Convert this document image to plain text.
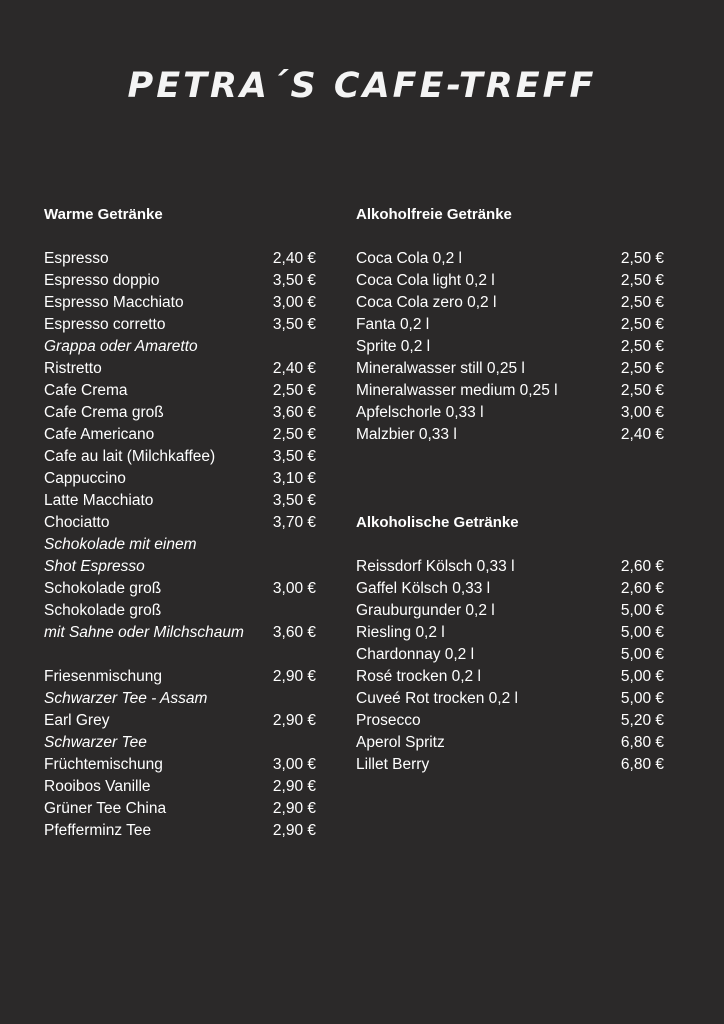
PETRA´S CAFE-TREFF
Warme Getränke
Espresso	2,40 €
Espresso doppio	3,50 €
Espresso Macchiato	3,00 €
Espresso corretto	3,50 €
Grappa oder Amaretto
Ristretto	2,40 €
Cafe Crema	2,50 €
Cafe Crema groß	3,60 €
Cafe Americano	2,50 €
Cafe au lait (Milchkaffee)	3,50 €
Cappuccino	3,10 €
Latte Macchiato	3,50 €
Chociatto	3,70 €
Schokolade mit einem
Shot Espresso
Schokolade groß	3,00 €
Schokolade groß
mit Sahne oder Milchschaum 3,60 €
Friesenmischung	2,90 €
Schwarzer Tee - Assam
Earl Grey	2,90 €
Schwarzer Tee
Früchtemischung	3,00 €
Rooibos Vanille	2,90 €
Grüner Tee China	2,90 €
Pfefferminz Tee	2,90 €
Alkoholfreie Getränke
Coca Cola 0,2 l	2,50 €
Coca Cola light 0,2 l	2,50 €
Coca Cola zero 0,2 l	2,50 €
Fanta 0,2 l	2,50 €
Sprite 0,2 l	2,50 €
Mineralwasser still 0,25 l	2,50 €
Mineralwasser medium 0,25 l	2,50 €
Apfelschorle 0,33 l	3,00 €
Malzbier 0,33 l	2,40 €
Alkoholische Getränke
Reissdorf Kölsch 0,33 l	2,60 €
Gaffel Kölsch 0,33 l	2,60 €
Grauburgunder 0,2 l	5,00 €
Riesling 0,2 l	5,00 €
Chardonnay 0,2 l	5,00 €
Rosé trocken 0,2 l	5,00 €
Cuveé Rot trocken 0,2 l	5,00 €
Prosecco	5,20 €
Aperol Spritz	6,80 €
Lillet Berry	6,80 €
